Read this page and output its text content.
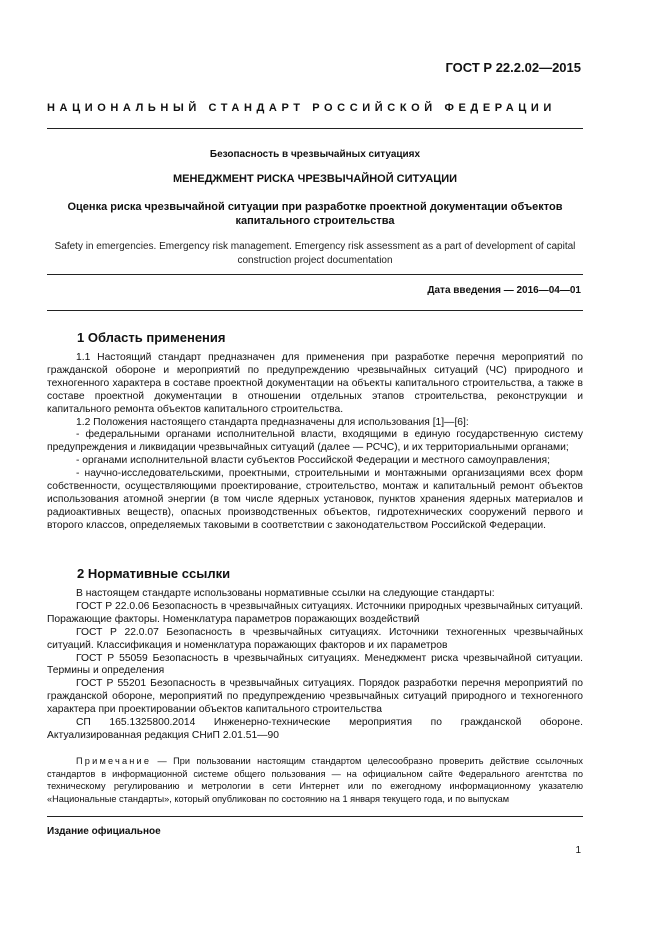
ГОСТ Р 22.2.02—2015
НАЦИОНАЛЬНЫЙ СТАНДАРТ РОССИЙСКОЙ ФЕДЕРАЦИИ
Безопасность в чрезвычайных ситуациях
МЕНЕДЖМЕНТ РИСКА ЧРЕЗВЫЧАЙНОЙ СИТУАЦИИ
Оценка риска чрезвычайной ситуации при разработке проектной документации объектов
капитального строительства
Safety in emergencies. Emergency risk management. Emergency risk assessment as a part of development of capital
construction project documentation
Дата введения — 2016—04—01
1 Область применения

1.1 Настоящий стандарт предназначен для применения при разработке перечня мероприятий по гражданской обороне и мероприятий по предупреждению чрезвычайных ситуаций (ЧС) природного и техногенного характера в составе проектной документации на объекты капитального строительства, а также в составе проектной документации в отношении отдельных этапов строительства, реконструкции и капитального ремонта объектов капитального строительства.

1.2 Положения настоящего стандарта предназначены для использования [1]—[6]:

- федеральными органами исполнительной власти, входящими в единую государственную систему предупреждения и ликвидации чрезвычайных ситуаций (далее — РСЧС), и их территориальными органами;

- органами исполнительной власти субъектов Российской Федерации и местного самоуправления;

- научно-исследовательскими, проектными, строительными и монтажными организациями всех форм собственности, осуществляющими проектирование, строительство, монтаж и капитальный ремонт объектов использования атомной энергии (в том числе ядерных установок, пунктов хранения ядерных материалов и радиоактивных веществ), опасных производственных объектов, гидротехнических сооружений первого и второго классов, определяемых таковыми в соответствии с законодательством Российской Федерации.

2 Нормативные ссылки

В настоящем стандарте использованы нормативные ссылки на следующие стандарты:

ГОСТ Р 22.0.06 Безопасность в чрезвычайных ситуациях. Источники природных чрезвычайных ситуаций. Поражающие факторы. Номенклатура параметров поражающих воздействий

ГОСТ Р 22.0.07 Безопасность в чрезвычайных ситуациях. Источники техногенных чрезвычайных ситуаций. Классификация и номенклатура поражающих факторов и их параметров

ГОСТ Р 55059 Безопасность в чрезвычайных ситуациях. Менеджмент риска чрезвычайной ситуации. Термины и определения

ГОСТ Р 55201 Безопасность в чрезвычайных ситуациях. Порядок разработки перечня мероприятий по гражданской обороне, мероприятий по предупреждению чрезвычайных ситуаций природного и техногенного характера при проектировании объектов капитального строительства

СП 165.1325800.2014 Инженерно-технические мероприятия по гражданской обороне. Актуализированная редакция СНиП 2.01.51—90

Примечание — При пользовании настоящим стандартом целесообразно проверить действие ссылочных стандартов в информационной системе общего пользования — на официальном сайте Федерального агентства по техническому регулированию и метрологии в сети Интернет или по ежегодному информационному указателю «Национальные стандарты», который опубликован по состоянию на 1 января текущего года, и по выпускам

Издание официальное
1
